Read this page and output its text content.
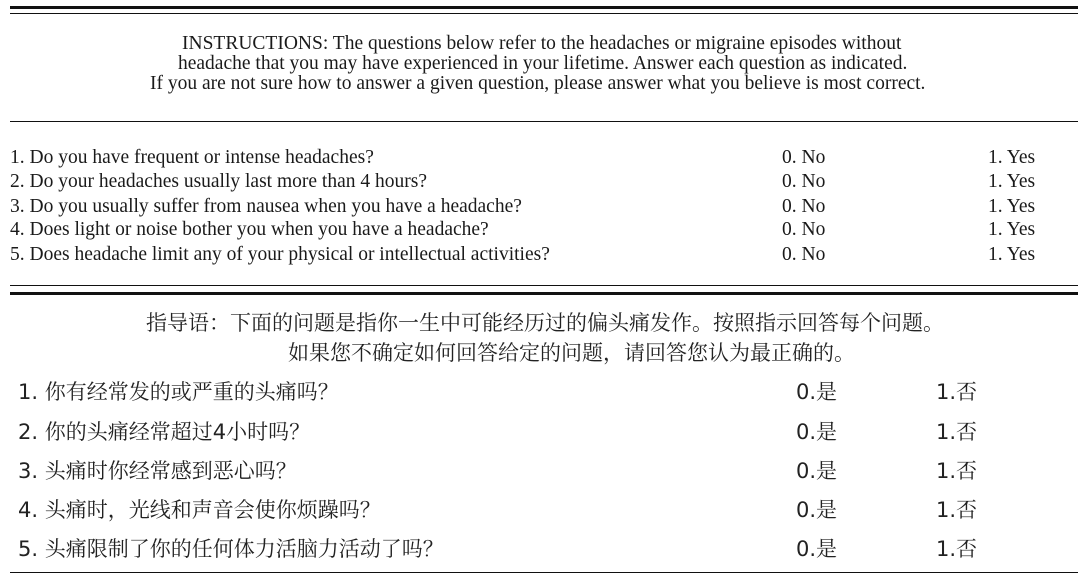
INSTRUCTIONS: The questions below refer to the headaches or migraine episodes without
headache that you may have experienced in your lifetime. Answer each question as indicated.
If you are not sure how to answer a given question, please answer what you believe is most correct.
1. Do you have frequent or intense headaches?	0. No	1. Yes
2. Do your headaches usually last more than 4 hours?	0. No	1. Yes
3. Do you usually suffer from nausea when you have a headache?	0. No	1. Yes
4. Does light or noise bother you when you have a headache?	0. No	1. Yes
5. Does headache limit any of your physical or intellectual activities?	0. No	1. Yes
指导语：下面的问题是指你一生中可能经历过的偏头痛发作。按照指示回答每个问题。
如果您不确定如何回答给定的问题，请回答您认为最正确的。
1. 你有经常发的或严重的头痛吗？	0.是	1.否
2. 你的头痛经常超过4小时吗？	0.是	1.否
3. 头痛时你经常感到恶心吗？	0.是	1.否
4. 头痛时，光线和声音会使你烦躁吗？	0.是	1.否
5. 头痛限制了你的任何体力活脑力活动了吗？	0.是	1.否
